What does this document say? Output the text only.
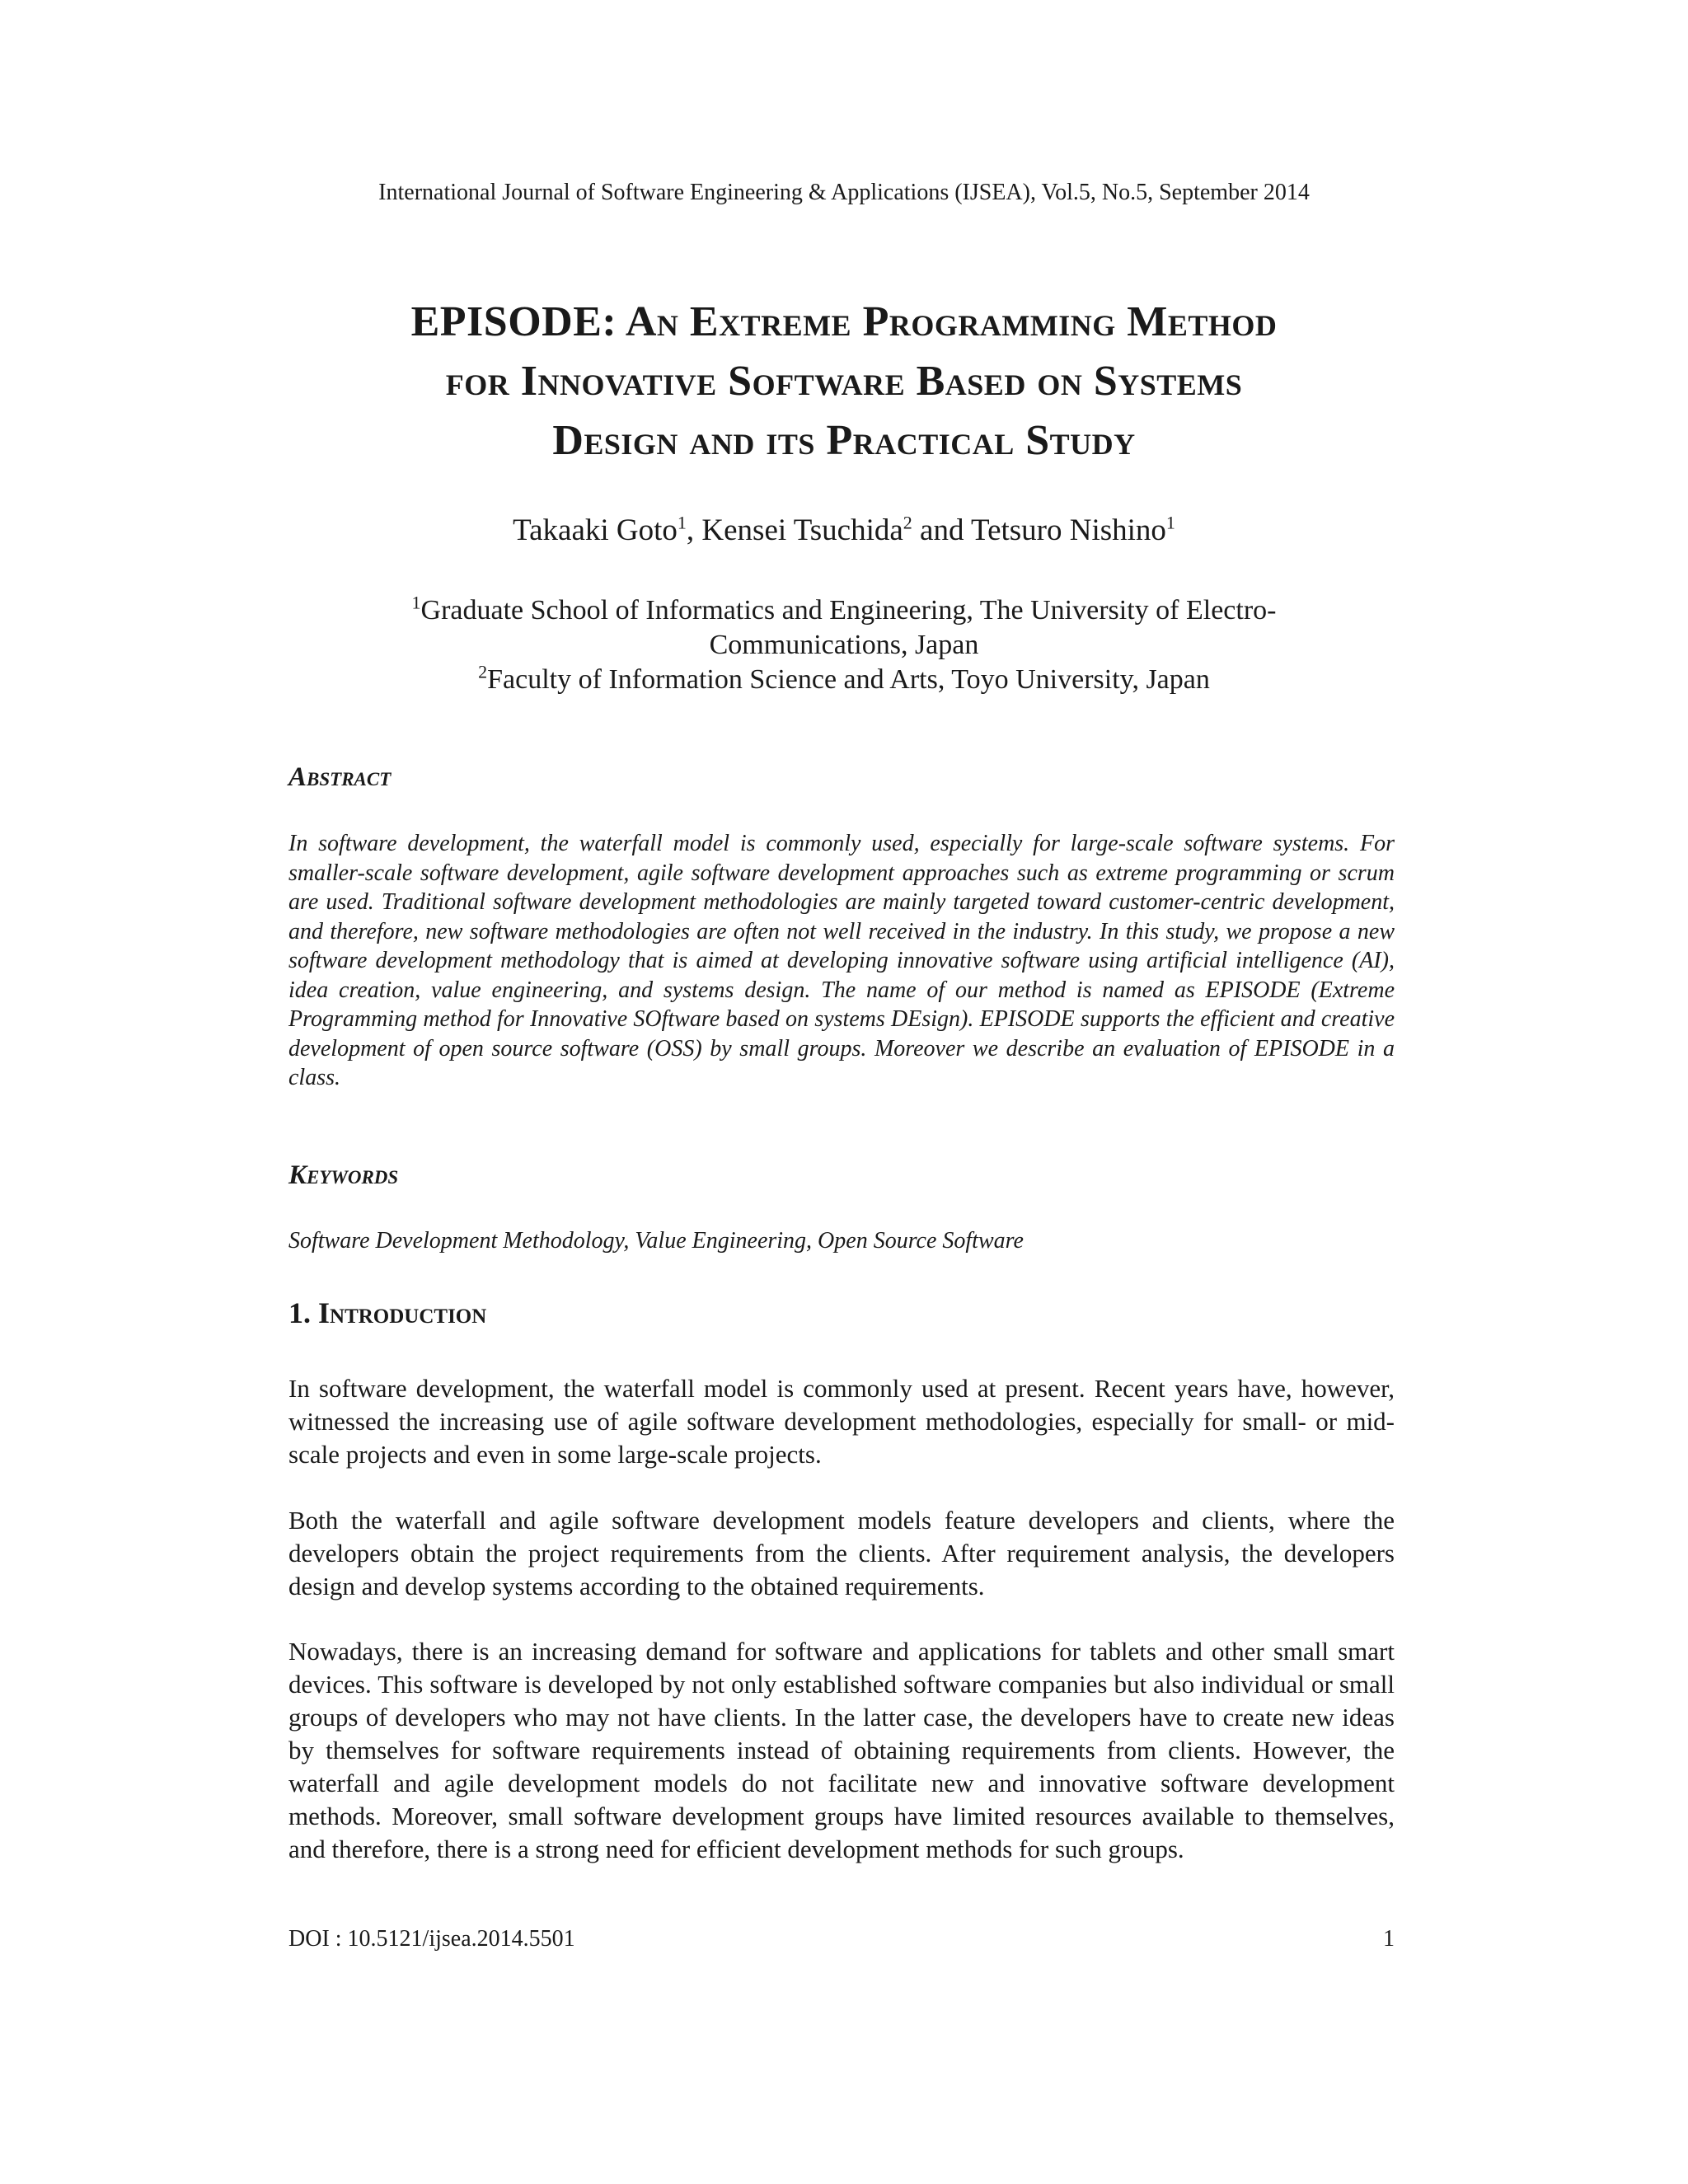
International Journal of Software Engineering & Applications (IJSEA), Vol.5, No.5, September 2014
EPISODE: An Extreme Programming Method
for Innovative Software Based on Systems
Design and its Practical Study
Takaaki Goto$^1$, Kensei Tsuchida$^2$ and Tetsuro Nishino$^1$
$^1$Graduate School of Informatics and Engineering, The University of Electro-
Communications, Japan
$^2$Faculty of Information Science and Arts, Toyo University, Japan
Abstract
In software development, the waterfall model is commonly used, especially for large-scale software systems. For smaller-scale software development, agile software development approaches such as extreme programming or scrum are used. Traditional software development methodologies are mainly targeted toward customer-centric development, and therefore, new software methodologies are often not well received in the industry. In this study, we propose a new software development methodology that is aimed at developing innovative software using artificial intelligence (AI), idea creation, value engineering, and systems design. The name of our method is named as EPISODE (Extreme Programming method for Innovative SOftware based on systems DEsign). EPISODE supports the efficient and creative development of open source software (OSS) by small groups. Moreover we describe an evaluation of EPISODE in a class.
Keywords
Software Development Methodology, Value Engineering, Open Source Software
1. Introduction
In software development, the waterfall model is commonly used at present. Recent years have, however, witnessed the increasing use of agile software development methodologies, especially for small- or mid-scale projects and even in some large-scale projects.
Both the waterfall and agile software development models feature developers and clients, where the developers obtain the project requirements from the clients. After requirement analysis, the developers design and develop systems according to the obtained requirements.
Nowadays, there is an increasing demand for software and applications for tablets and other small smart devices. This software is developed by not only established software companies but also individual or small groups of developers who may not have clients. In the latter case, the developers have to create new ideas by themselves for software requirements instead of obtaining requirements from clients. However, the waterfall and agile development models do not facilitate new and innovative software development methods. Moreover, small software development groups have limited resources available to themselves, and therefore, there is a strong need for efficient development methods for such groups.
DOI : 10.5121/ijsea.2014.5501	1
